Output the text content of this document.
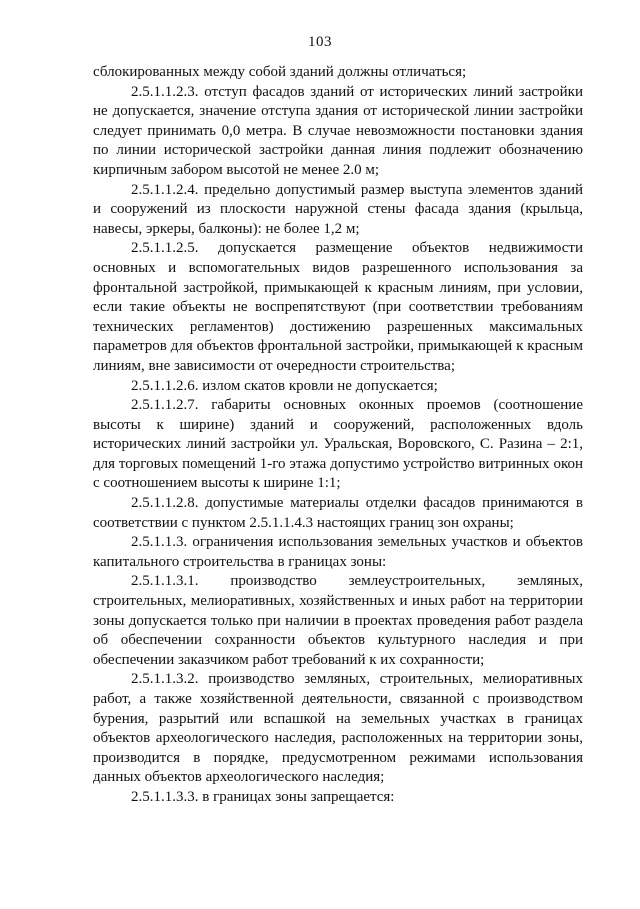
103

сблокированных между собой зданий должны отличаться;

2.5.1.1.2.3. отступ фасадов зданий от исторических линий застройки не допускается, значение отступа здания от исторической линии застройки следует принимать 0,0 метра. В случае невозможности постановки здания по линии исторической застройки данная линия подлежит обозначению кирпичным забором высотой не менее 2.0 м;

2.5.1.1.2.4. предельно допустимый размер выступа элементов зданий и сооружений из плоскости наружной стены фасада здания (крыльца, навесы, эркеры, балконы): не более 1,2 м;

2.5.1.1.2.5. допускается размещение объектов недвижимости основных и вспомогательных видов разрешенного использования за фронтальной застройкой, примыкающей к красным линиям, при условии, если такие объекты не воспрепятствуют (при соответствии требованиям технических регламентов) достижению разрешенных максимальных параметров для объектов фронтальной застройки, примыкающей к красным линиям, вне зависимости от очередности строительства;

2.5.1.1.2.6. излом скатов кровли не допускается;

2.5.1.1.2.7. габариты основных оконных проемов (соотношение высоты к ширине) зданий и сооружений, расположенных вдоль исторических линий застройки ул. Уральская, Воровского, С. Разина – 2:1, для торговых помещений 1-го этажа допустимо устройство витринных окон с соотношением высоты к ширине 1:1;

2.5.1.1.2.8. допустимые материалы отделки фасадов принимаются в соответствии с пунктом 2.5.1.1.4.3 настоящих границ зон охраны;

2.5.1.1.3. ограничения использования земельных участков и объектов капитального строительства в границах зоны:

2.5.1.1.3.1. производство землеустроительных, земляных, строительных, мелиоративных, хозяйственных и иных работ на территории зоны допускается только при наличии в проектах проведения работ раздела об обеспечении сохранности объектов культурного наследия и при обеспечении заказчиком работ требований к их сохранности;

2.5.1.1.3.2. производство земляных, строительных, мелиоративных работ, а также хозяйственной деятельности, связанной с производством бурения, разрытий или вспашкой на земельных участках в границах объектов археологического наследия, расположенных на территории зоны, производится в порядке, предусмотренном режимами использования данных объектов археологического наследия;

2.5.1.1.3.3. в границах зоны запрещается:
